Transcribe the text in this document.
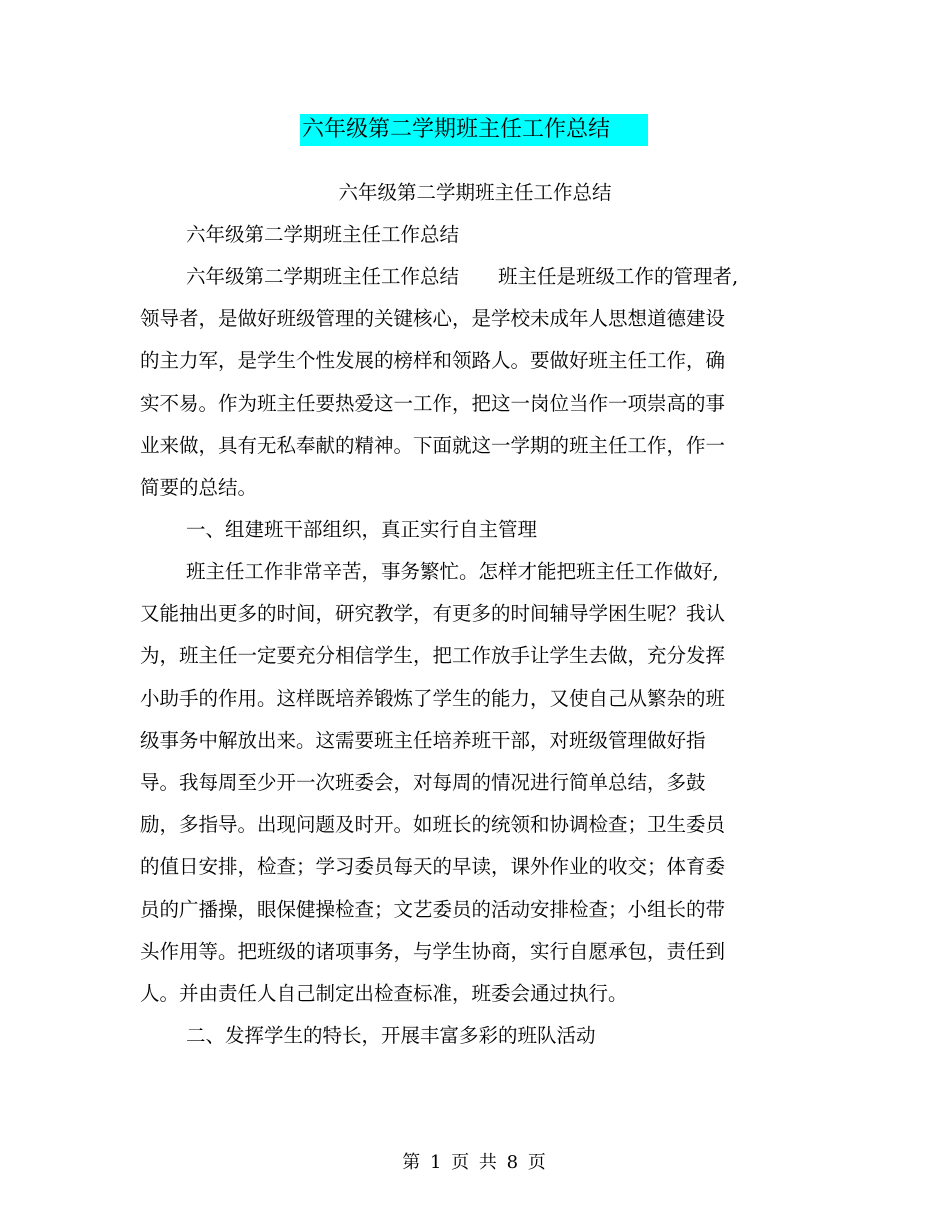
六年级第二学期班主任工作总结
六年级第二学期班主任工作总结
六年级第二学期班主任工作总结
六年级第二学期班主任工作总结　　班主任是班级工作的管理者,
领导者，是做好班级管理的关键核心，是学校未成年人思想道德建设
的主力军，是学生个性发展的榜样和领路人。要做好班主任工作，确
实不易。作为班主任要热爱这一工作，把这一岗位当作一项崇高的事
业来做，具有无私奉献的精神。下面就这一学期的班主任工作，作一
简要的总结。
一、组建班干部组织，真正实行自主管理
班主任工作非常辛苦，事务繁忙。怎样才能把班主任工作做好,
又能抽出更多的时间，研究教学，有更多的时间辅导学困生呢？我认
为，班主任一定要充分相信学生，把工作放手让学生去做，充分发挥
小助手的作用。这样既培养锻炼了学生的能力，又使自己从繁杂的班
级事务中解放出来。这需要班主任培养班干部，对班级管理做好指
导。我每周至少开一次班委会，对每周的情况进行简单总结，多鼓
励，多指导。出现问题及时开。如班长的统领和协调检查；卫生委员
的值日安排，检查；学习委员每天的早读，课外作业的收交；体育委
员的广播操，眼保健操检查；文艺委员的活动安排检查；小组长的带
头作用等。把班级的诸项事务，与学生协商，实行自愿承包，责任到
人。并由责任人自己制定出检查标准，班委会通过执行。
二、发挥学生的特长，开展丰富多彩的班队活动
第 1 页 共 8 页
